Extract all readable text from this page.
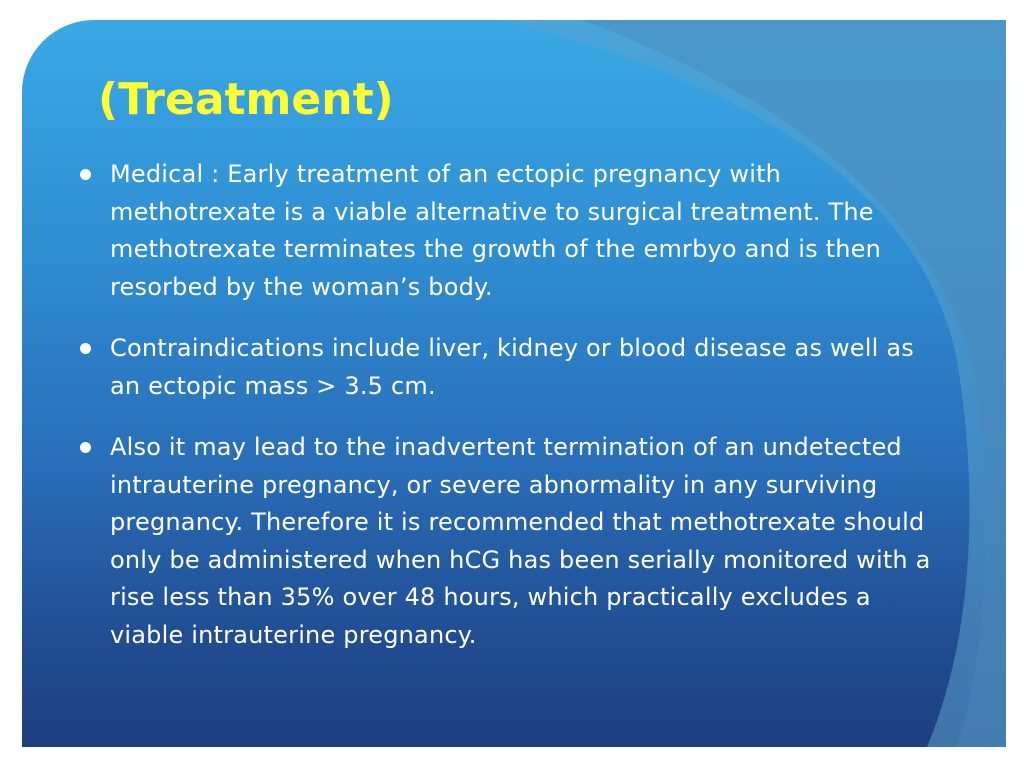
(Treatment)
Medical : Early treatment of an ectopic pregnancy with methotrexate is a viable alternative to surgical treatment. The methotrexate terminates the growth of the emrbyo and is then resorbed by the woman’s body.
Contraindications include liver, kidney or blood disease as well as an ectopic mass > 3.5 cm.
Also it may lead to the inadvertent termination of an undetected intrauterine pregnancy, or severe abnormality in any surviving pregnancy. Therefore it is recommended that methotrexate should only be administered when hCG has been serially monitored with a rise less than 35% over 48 hours, which practically excludes a viable intrauterine pregnancy.
